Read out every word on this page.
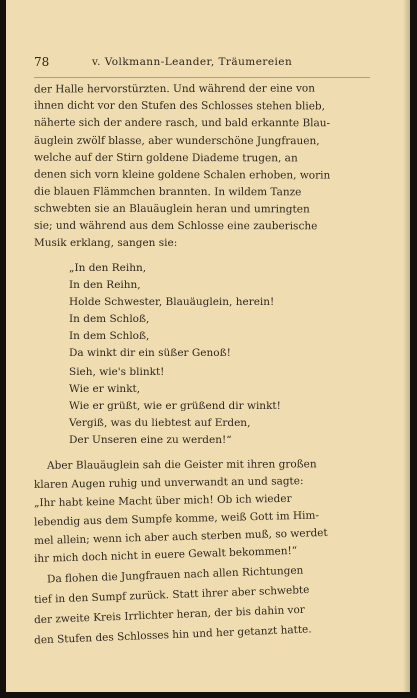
78	v. Volkmann-Leander, Träumereien
der Halle hervorstürzten. Und während der eine von
ihnen dicht vor den Stufen des Schlosses stehen blieb,
näherte sich der andere rasch, und bald erkannte Blau-
äuglein zwölf blasse, aber wunderschöne Jungfrauen,
welche auf der Stirn goldene Diademe trugen, an
denen sich vorn kleine goldene Schalen erhoben, worin
die blauen Flämmchen brannten. In wildem Tanze
schwebten sie an Blauäuglein heran und umringten
sie; und während aus dem Schlosse eine zauberische
Musik erklang, sangen sie:
„In den Reihn,
In den Reihn,
Holde Schwester, Blauäuglein, herein!
In dem Schloß,
In dem Schloß,
Da winkt dir ein süßer Genoß!
Sieh, wie's blinkt!
Wie er winkt,
Wie er grüßt, wie er grüßend dir winkt!
Vergiß, was du liebtest auf Erden,
Der Unseren eine zu werden!“
Aber Blauäuglein sah die Geister mit ihren großen
klaren Augen ruhig und unverwandt an und sagte:
„Ihr habt keine Macht über mich! Ob ich wieder
lebendig aus dem Sumpfe komme, weiß Gott im Him-
mel allein; wenn ich aber auch sterben muß, so werdet
ihr mich doch nicht in euere Gewalt bekommen!“
Da flohen die Jungfrauen nach allen Richtungen
tief in den Sumpf zurück. Statt ihrer aber schwebte
der zweite Kreis Irrlichter heran, der bis dahin vor
den Stufen des Schlosses hin und her getanzt hatte.
